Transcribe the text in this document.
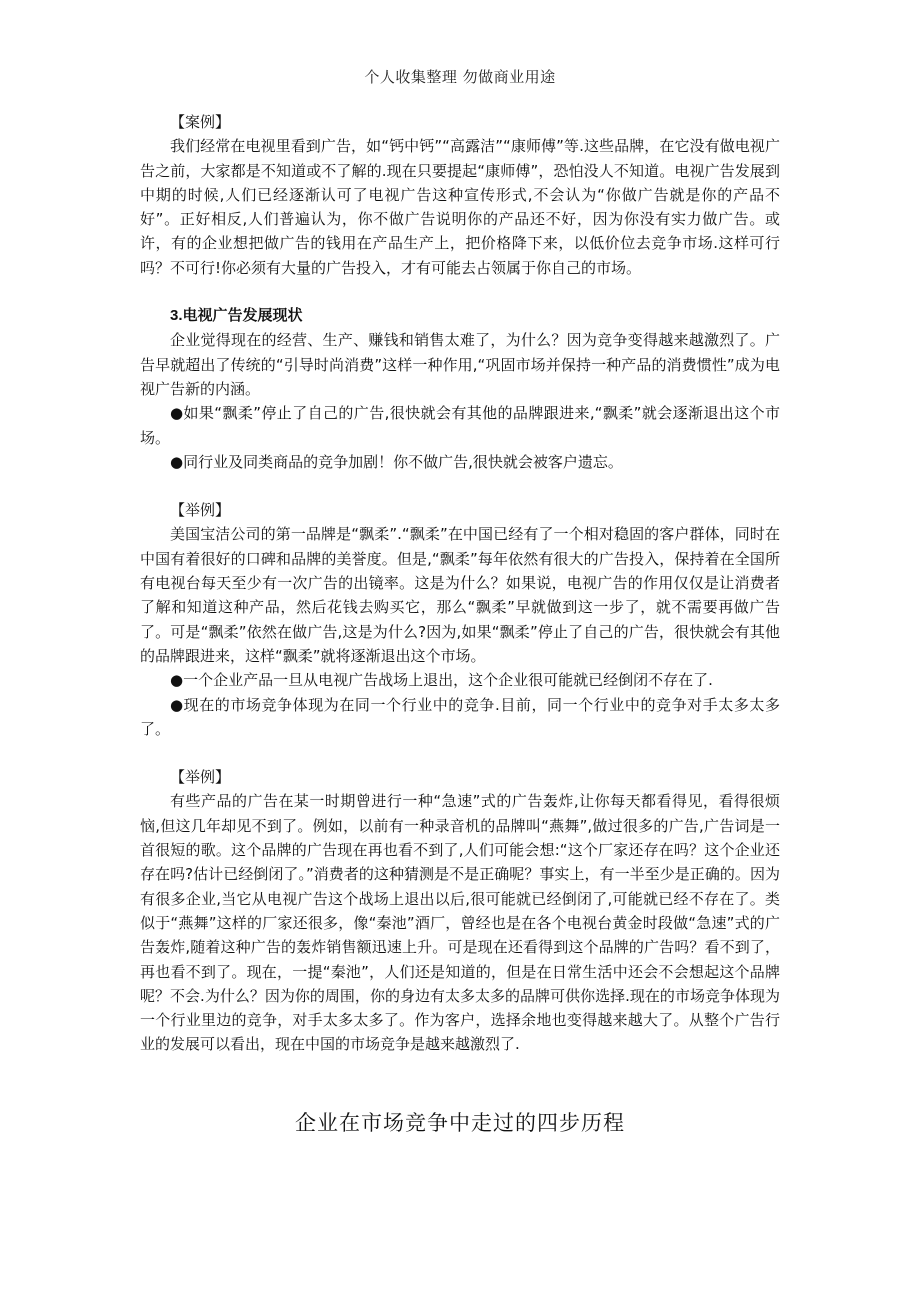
个人收集整理 勿做商业用途

【案例】

我们经常在电视里看到广告，如“钙中钙”“高露洁”“康师傅”等.这些品牌，在它没有做电视广告之前，大家都是不知道或不了解的.现在只要提起“康师傅”，恐怕没人不知道。电视广告发展到中期的时候,人们已经逐渐认可了电视广告这种宣传形式,不会认为“你做广告就是你的产品不好”。正好相反,人们普遍认为，你不做广告说明你的产品还不好，因为你没有实力做广告。或许，有的企业想把做广告的钱用在产品生产上，把价格降下来，以低价位去竞争市场.这样可行吗？不可行!你必须有大量的广告投入，才有可能去占领属于你自己的市场。

3.电视广告发展现状

企业觉得现在的经营、生产、赚钱和销售太难了，为什么？因为竞争变得越来越激烈了。广告早就超出了传统的“引导时尚消费”这样一种作用,“巩固市场并保持一种产品的消费惯性”成为电视广告新的内涵。

●如果“飘柔”停止了自己的广告,很快就会有其他的品牌跟进来,“飘柔”就会逐渐退出这个市场。

●同行业及同类商品的竞争加剧！你不做广告,很快就会被客户遗忘。

【举例】

美国宝洁公司的第一品牌是“飘柔”.“飘柔”在中国已经有了一个相对稳固的客户群体，同时在中国有着很好的口碑和品牌的美誉度。但是,“飘柔”每年依然有很大的广告投入，保持着在全国所有电视台每天至少有一次广告的出镜率。这是为什么？如果说，电视广告的作用仅仅是让消费者了解和知道这种产品，然后花钱去购买它，那么“飘柔”早就做到这一步了，就不需要再做广告了。可是“飘柔”依然在做广告,这是为什么?因为,如果“飘柔”停止了自己的广告，很快就会有其他的品牌跟进来，这样“飘柔”就将逐渐退出这个市场。

●一个企业产品一旦从电视广告战场上退出，这个企业很可能就已经倒闭不存在了.

●现在的市场竞争体现为在同一个行业中的竞争.目前，同一个行业中的竞争对手太多太多了。

【举例】

有些产品的广告在某一时期曾进行一种“急速”式的广告轰炸,让你每天都看得见，看得很烦恼,但这几年却见不到了。例如，以前有一种录音机的品牌叫“燕舞”,做过很多的广告,广告词是一首很短的歌。这个品牌的广告现在再也看不到了,人们可能会想:“这个厂家还存在吗？这个企业还存在吗?估计已经倒闭了。”消费者的这种猜测是不是正确呢？事实上，有一半至少是正确的。因为有很多企业,当它从电视广告这个战场上退出以后,很可能就已经倒闭了,可能就已经不存在了。类似于“燕舞”这样的厂家还很多，像“秦池”酒厂，曾经也是在各个电视台黄金时段做“急速”式的广告轰炸,随着这种广告的轰炸销售额迅速上升。可是现在还看得到这个品牌的广告吗？看不到了，再也看不到了。现在，一提“秦池”，人们还是知道的，但是在日常生活中还会不会想起这个品牌呢？不会.为什么？因为你的周围，你的身边有太多太多的品牌可供你选择.现在的市场竞争体现为一个行业里边的竞争，对手太多太多了。作为客户，选择余地也变得越来越大了。从整个广告行业的发展可以看出，现在中国的市场竞争是越来越激烈了.

企业在市场竞争中走过的四步历程
